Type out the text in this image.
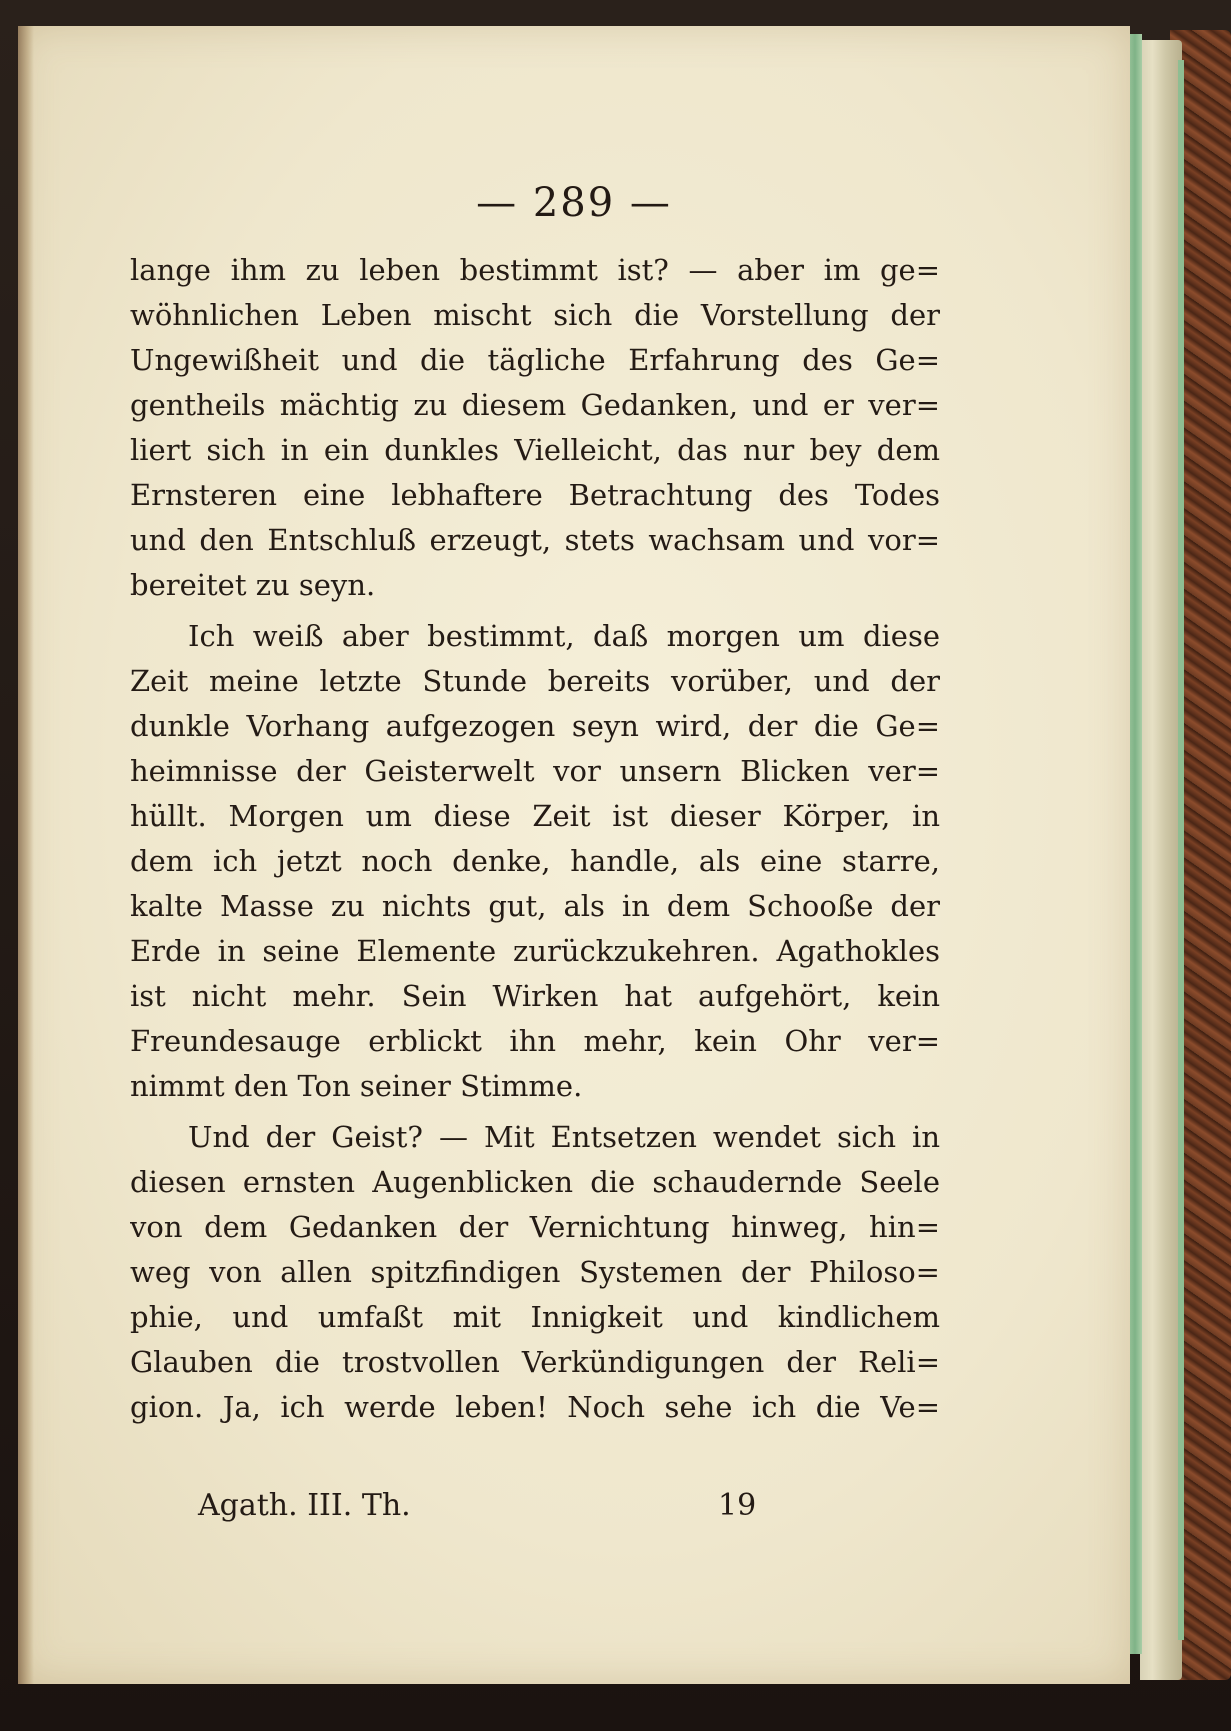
— 289 —
lange ihm zu leben bestimmt ist? — aber im ge=
wöhnlichen Leben mischt sich die Vorstellung der
Ungewißheit und die tägliche Erfahrung des Ge=
gentheils mächtig zu diesem Gedanken, und er ver=
liert sich in ein dunkles Vielleicht, das nur bey dem
Ernsteren eine lebhaftere Betrachtung des Todes
und den Entschluß erzeugt, stets wachsam und vor=
bereitet zu seyn.
Ich weiß aber bestimmt, daß morgen um diese
Zeit meine letzte Stunde bereits vorüber, und der
dunkle Vorhang aufgezogen seyn wird, der die Ge=
heimnisse der Geisterwelt vor unsern Blicken ver=
hüllt. Morgen um diese Zeit ist dieser Körper, in
dem ich jetzt noch denke, handle, als eine starre,
kalte Masse zu nichts gut, als in dem Schooße der
Erde in seine Elemente zurückzukehren. Agathokles
ist nicht mehr. Sein Wirken hat aufgehört, kein
Freundesauge erblickt ihn mehr, kein Ohr ver=
nimmt den Ton seiner Stimme.
Und der Geist? — Mit Entsetzen wendet sich in
diesen ernsten Augenblicken die schaudernde Seele
von dem Gedanken der Vernichtung hinweg, hin=
weg von allen spitzfindigen Systemen der Philoso=
phie, und umfaßt mit Innigkeit und kindlichem
Glauben die trostvollen Verkündigungen der Reli=
gion. Ja, ich werde leben! Noch sehe ich die Ve=
Agath. III. Th.	19
